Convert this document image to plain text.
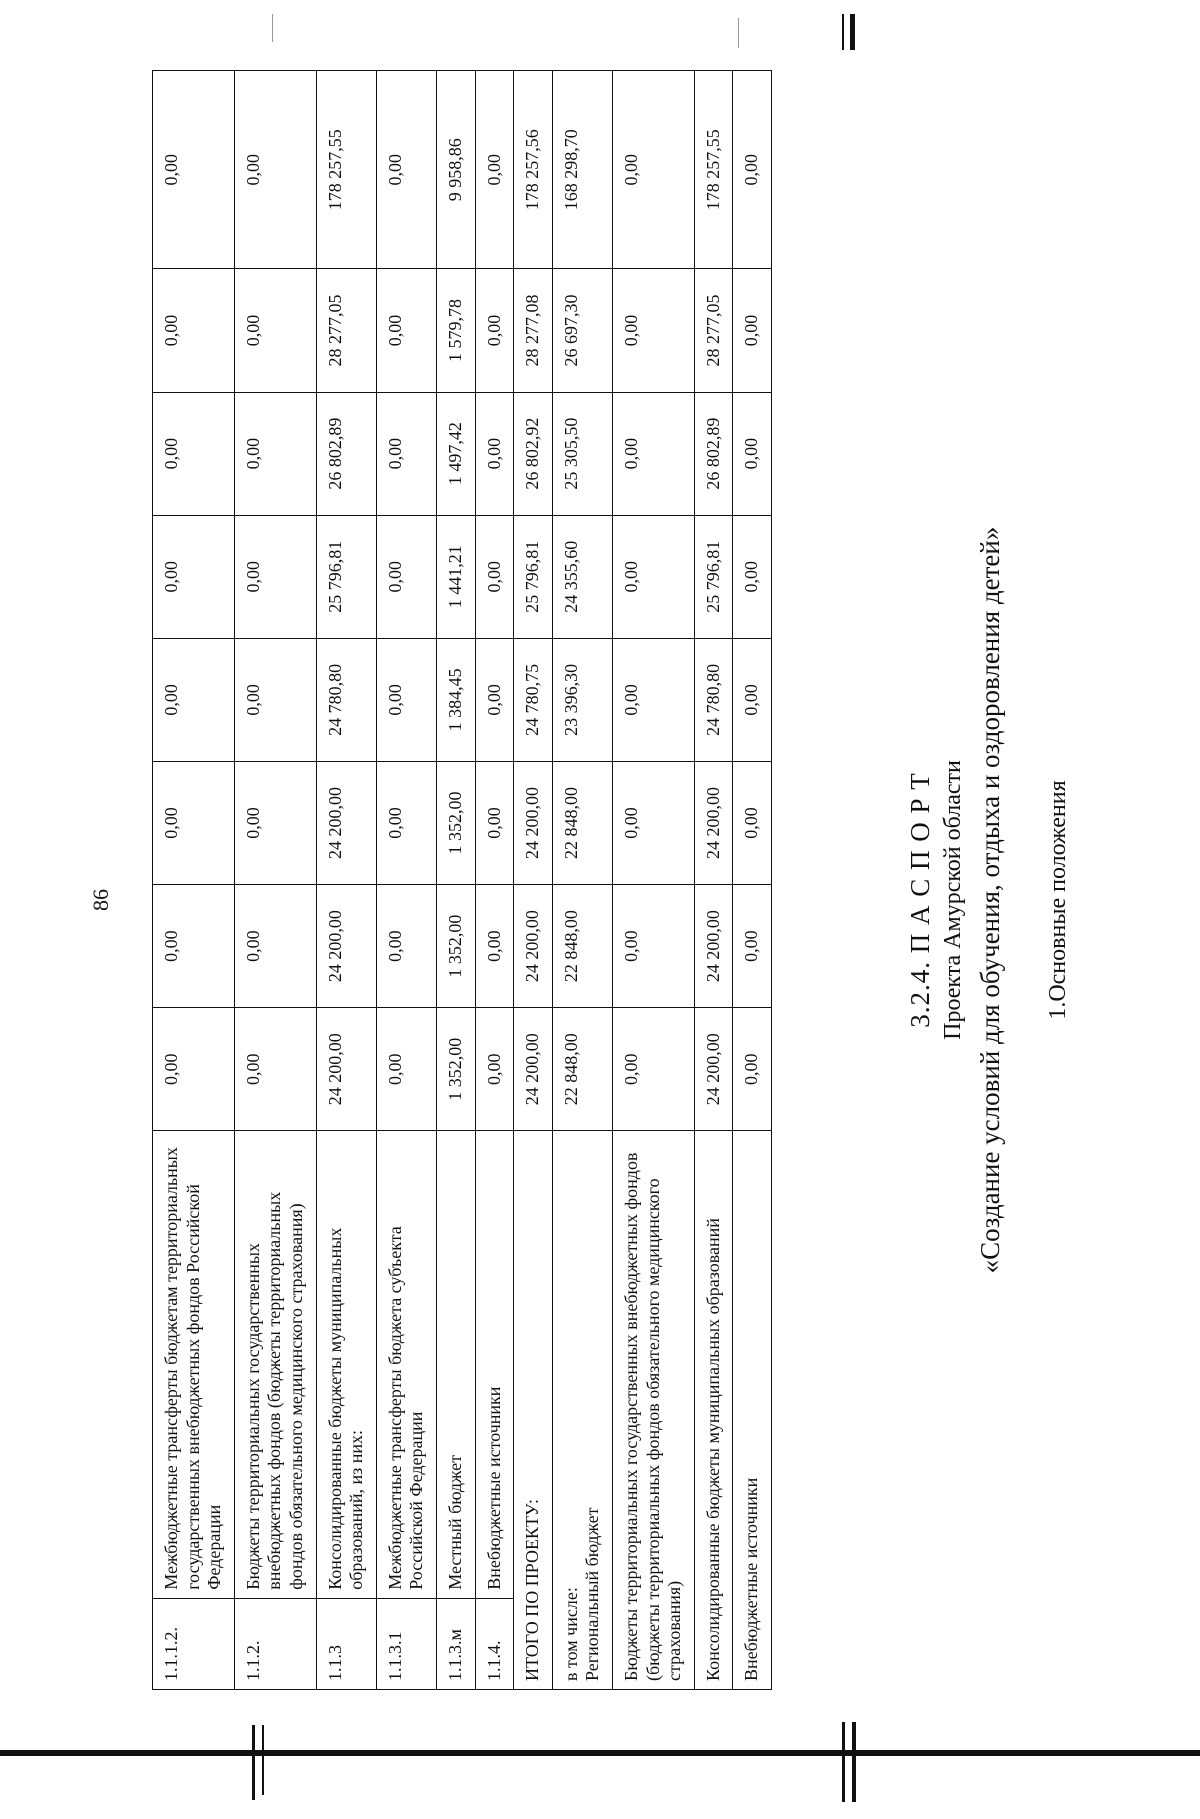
86
1.1.1.2.	Межбюджетные трансферты бюджетам территориальных государственных внебюджетных фондов Российской Федерации	0,00	0,00	0,00	0,00	0,00	0,00	0,00	0,00
1.1.2.	Бюджеты территориальных государственных внебюджетных фондов (бюджеты территориальных фондов обязательного медицинского страхования)	0,00	0,00	0,00	0,00	0,00	0,00	0,00	0,00
1.1.3	Консолидированные бюджеты муниципальных образований, из них:	24 200,00	24 200,00	24 200,00	24 780,80	25 796,81	26 802,89	28 277,05	178 257,55
1.1.3.1	Межбюджетные трансферты бюджета субъекта Российской Федерации	0,00	0,00	0,00	0,00	0,00	0,00	0,00	0,00
1.1.3.м	Местный бюджет	1 352,00	1 352,00	1 352,00	1 384,45	1 441,21	1 497,42	1 579,78	9 958,86
1.1.4.	Внебюджетные источники	0,00	0,00	0,00	0,00	0,00	0,00	0,00	0,00
ИТОГО ПО ПРОЕКТУ:		24 200,00	24 200,00	24 200,00	24 780,75	25 796,81	26 802,92	28 277,08	178 257,56
в том числе:
Региональный бюджет		22 848,00	22 848,00	22 848,00	23 396,30	24 355,60	25 305,50	26 697,30	168 298,70
Бюджеты территориальных государственных внебюджетных фондов (бюджеты территориальных фондов обязательного медицинского страхования)		0,00	0,00	0,00	0,00	0,00	0,00	0,00	0,00
Консолидированные бюджеты муниципальных образований		24 200,00	24 200,00	24 200,00	24 780,80	25 796,81	26 802,89	28 277,05	178 257,55
Внебюджетные источники		0,00	0,00	0,00	0,00	0,00	0,00	0,00	0,00
3.2.4. П А С П О Р Т Проекта Амурской области «Создание условий для обучения, отдыха и оздоровления детей» 1.Основные положения
